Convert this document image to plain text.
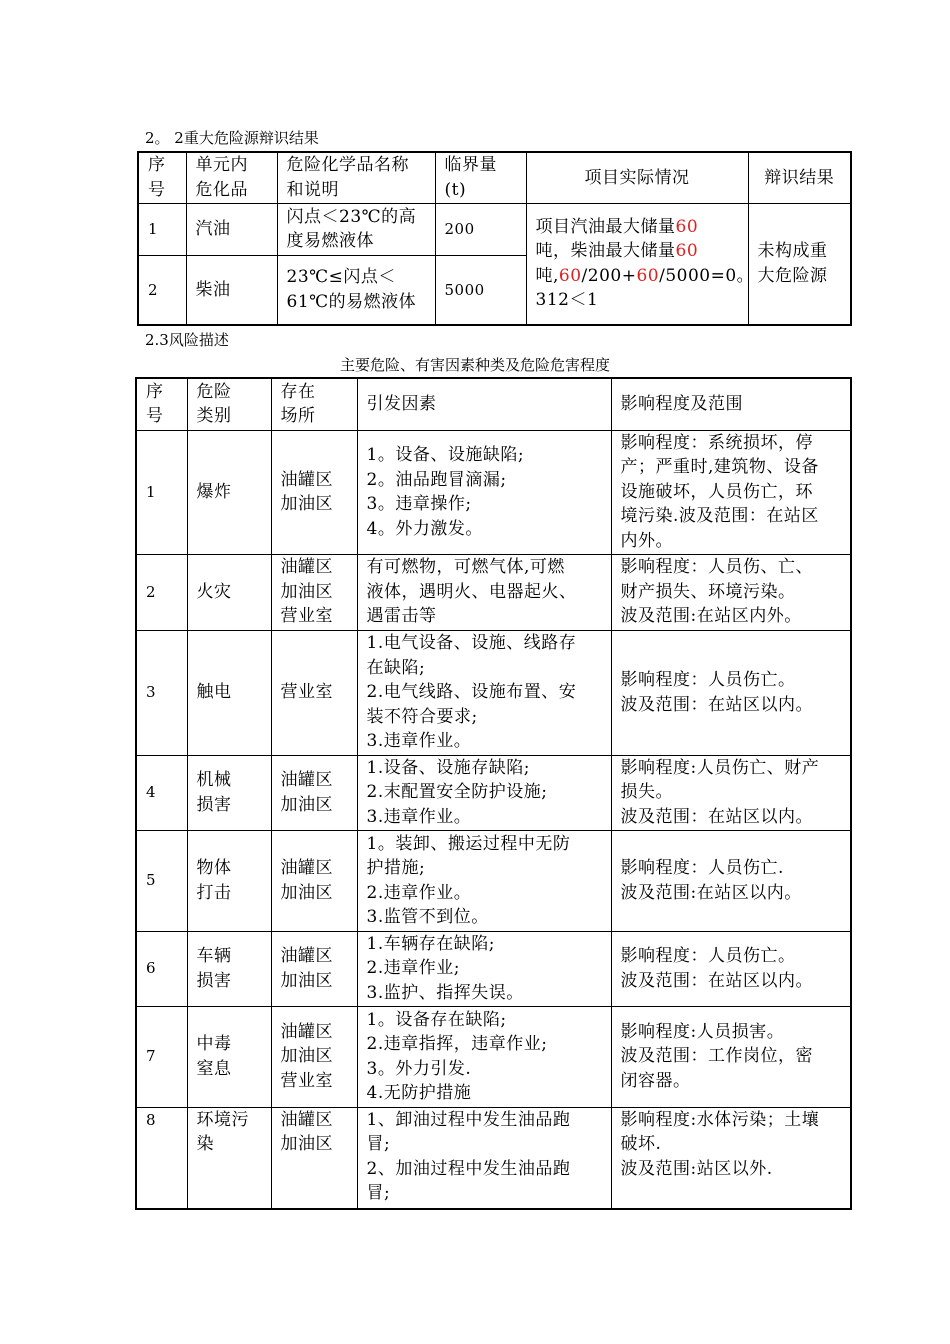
2。 2重大危险源辩识结果
序
号	单元内
危化品	危险化学品名称
和说明	临界量
(t)	项目实际情况	辩识结果
1	汽油	闪点＜23℃的高
度易燃液体	200	项目汽油最大储量60
吨，柴油最大储量60
吨,60/200+60/5000=0。
312＜1	未构成重
大危险源

2	柴油	23℃≤闪点＜
61℃的易燃液体	5000		
2.3风险描述
主要危险、有害因素种类及危险危害程度
序
号	危险
类别	存在
场所	引发因素	影响程度及范围
1	爆炸	油罐区
加油区	1。设备、设施缺陷;
2。油品跑冒滴漏;
3。违章操作;
4。外力激发。	影响程度：系统损坏，停
产；严重时,建筑物、设备
设施破坏，人员伤亡，环
境污染.波及范围：在站区
内外。

2	火灾	油罐区
加油区
营业室	有可燃物，可燃气体,可燃
液体，遇明火、电器起火、
遇雷击等	影响程度：人员伤、亡、
财产损失、环境污染。
波及范围:在站区内外。

3	触电	营业室	1.电气设备、设施、线路存
在缺陷;
2.电气线路、设施布置、安
装不符合要求;
3.违章作业。	影响程度：人员伤亡。
波及范围：在站区以内。

4	机械
损害	油罐区
加油区	1.设备、设施存缺陷;
2.末配置安全防护设施;
3.违章作业。	影响程度:人员伤亡、财产
损失。
波及范围：在站区以内。

5	物体
打击	油罐区
加油区	1。装卸、搬运过程中无防
护措施;
2.违章作业。
3.监管不到位。	影响程度：人员伤亡.
波及范围:在站区以内。

6	车辆
损害	油罐区
加油区	1.车辆存在缺陷;
2.违章作业;
3.监护、指挥失误。	影响程度：人员伤亡。
波及范围：在站区以内。

7	中毒
窒息	油罐区
加油区
营业室	1。设备存在缺陷;
2.违章指挥，违章作业;
3。外力引发.
4.无防护措施	影响程度:人员损害。
波及范围：工作岗位，密
闭容器。

8	环境污
染	油罐区
加油区	1、卸油过程中发生油品跑
冒;
2、加油过程中发生油品跑
冒;	影响程度:水体污染；土壤
破坏.
波及范围:站区以外.
